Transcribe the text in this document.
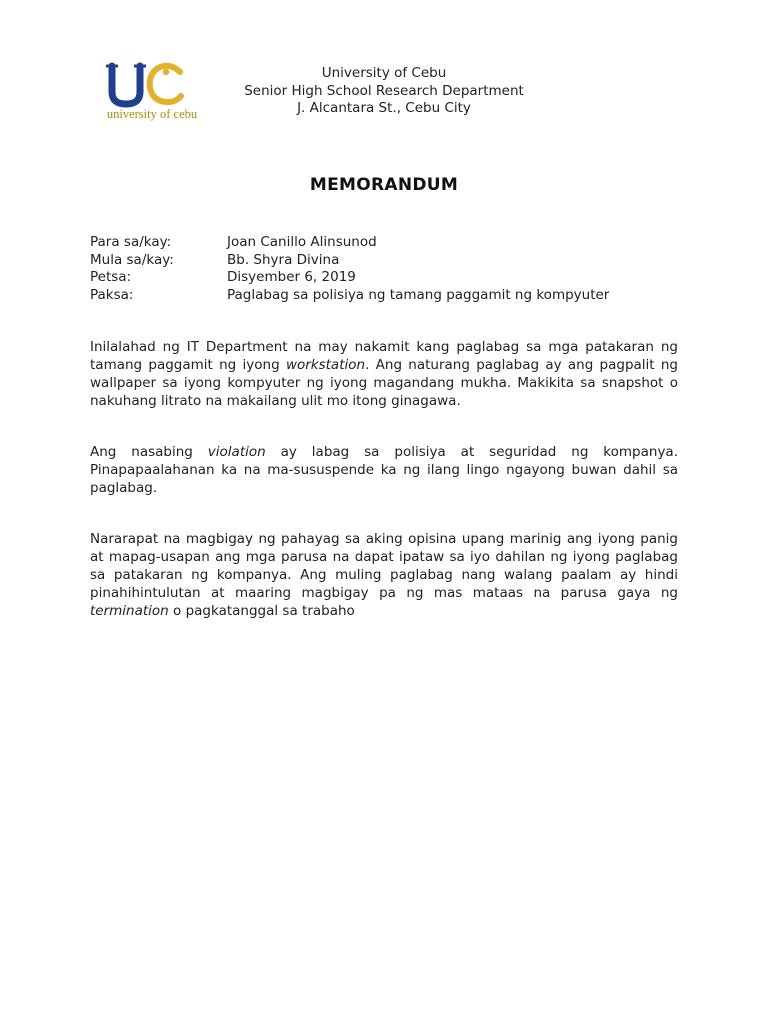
university of cebu
University of Cebu
Senior High School Research Department
J. Alcantara St., Cebu City
MEMORANDUM
Para sa/kay:	Joan Canillo Alinsunod
Mula sa/kay:	Bb. Shyra Divina
Petsa:	Disyember 6, 2019
Paksa:	Paglabag sa polisiya ng tamang paggamit ng kompyuter

Inilalahad ng IT Department na may nakamit kang paglabag sa mga patakaran ng tamang paggamit ng iyong workstation. Ang naturang paglabag ay ang pagpalit ng wallpaper sa iyong kompyuter ng iyong magandang mukha. Makikita sa snapshot o nakuhang litrato na makailang ulit mo itong ginagawa.

Ang nasabing violation ay labag sa polisiya at seguridad ng kompanya. Pinapapaalahanan ka na ma-sususpende ka ng ilang lingo ngayong buwan dahil sa paglabag.

Nararapat na magbigay ng pahayag sa aking opisina upang marinig ang iyong panig at mapag-usapan ang mga parusa na dapat ipataw sa iyo dahilan ng iyong paglabag sa patakaran ng kompanya. Ang muling paglabag nang walang paalam ay hindi pinahihintulutan at maaring magbigay pa ng mas mataas na parusa gaya ng termination o pagkatanggal sa trabaho
